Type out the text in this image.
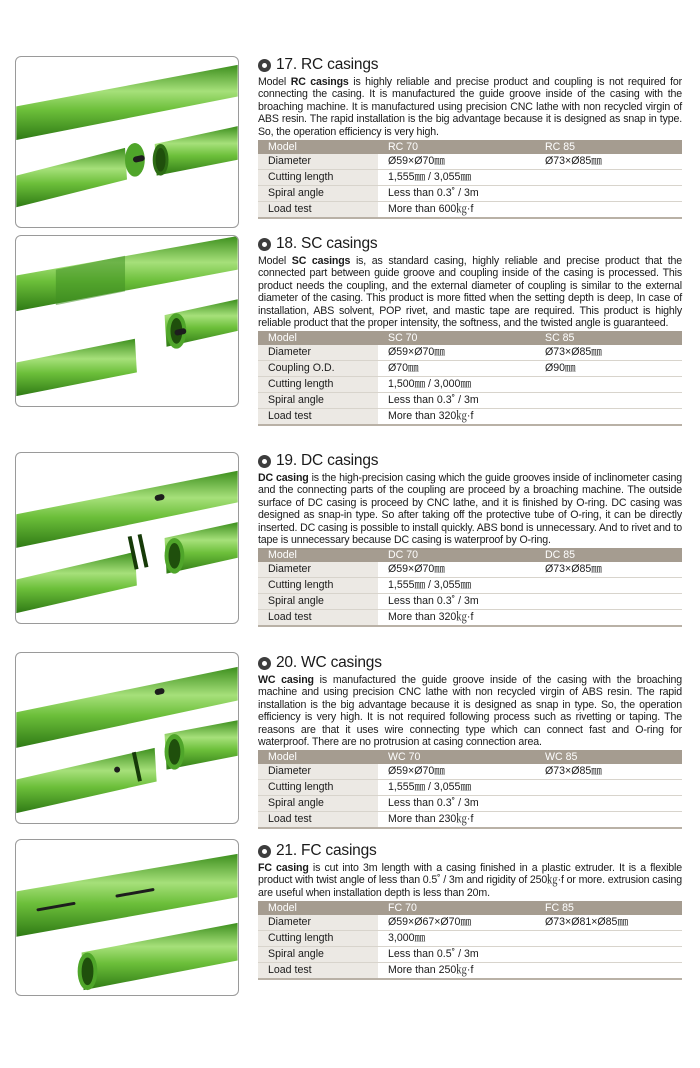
17. RC casings

Model RC casings is highly reliable and precise product and coupling is not required for connecting the casing. It is manufactured the guide groove inside of the casing with the broaching machine. It is manufactured using precision CNC lathe with non recycled virgin of ABS resin. The rapid installation is the big advantage because it is designed as snap in type. So, the operation efficiency is very high.

Model	RC 70	RC 85
Diameter	Ø59×Ø70㎜	Ø73×Ø85㎜
Cutting length	1,555㎜ / 3,055㎜	
Spiral angle	Less than 0.3˚ / 3m	
Load test	More than 600㎏·f	
18. SC casings

Model SC casings is, as standard casing, highly reliable and precise product that the connected part between guide groove and coupling inside of the casing is processed. This product needs the coupling, and the external diameter of coupling is similar to the external diameter of the casing. This product is more fitted when the setting depth is deep, In case of installation, ABS solvent, POP rivet, and mastic tape are required. This product is highly reliable product that the proper intensity, the softness, and the twisted angle is guaranteed.

Model	SC 70	SC 85
Diameter	Ø59×Ø70㎜	Ø73×Ø85㎜
Coupling O.D.	Ø70㎜	Ø90㎜
Cutting length	1,500㎜ / 3,000㎜	
Spiral angle	Less than 0.3˚ / 3m	
Load test	More than 320㎏·f	
19. DC casings

DC casing is the high-precision casing which the guide grooves inside of inclinometer casing and the connecting parts of the coupling are proceed by a broaching machine. The outside surface of DC casing is proceed by CNC lathe, and it is finished by O-ring. DC casing was designed as snap-in type. So after taking off the protective tube of O-ring, it can be directly inserted. DC casing is possible to install quickly. ABS bond is unnecessary. And to rivet and to tape is unnecessary because DC casing is waterproof by O-ring.

Model	DC 70	DC 85
Diameter	Ø59×Ø70㎜	Ø73×Ø85㎜
Cutting length	1,555㎜ / 3,055㎜	
Spiral angle	Less than 0.3˚ / 3m	
Load test	More than 320㎏·f	
20. WC casings

WC casing is manufactured the guide groove inside of the casing with the broaching machine and using precision CNC lathe with non recycled virgin of ABS resin. The rapid installation is the big advantage because it is designed as snap in type. So, the operation efficiency is very high. It is not required following process such as rivetting or taping. The reasons are that it uses wire connecting type which can connect fast and O-ring for waterproof. There are no protrusion at casing connection area.

Model	WC 70	WC 85
Diameter	Ø59×Ø70㎜	Ø73×Ø85㎜
Cutting length	1,555㎜ / 3,055㎜	
Spiral angle	Less than 0.3˚ / 3m	
Load test	More than 230㎏·f	
21. FC casings

FC casing is cut into 3m length with a casing finished in a plastic extruder. It is a flexible product with twist angle of less than 0.5˚ / 3m and rigidity of 250㎏·f or more. extrusion casing are useful when installation depth is less than 20m.

Model	FC 70	FC 85
Diameter	Ø59×Ø67×Ø70㎜	Ø73×Ø81×Ø85㎜
Cutting length	3,000㎜	
Spiral angle	Less than 0.5˚ / 3m	
Load test	More than 250㎏·f	
